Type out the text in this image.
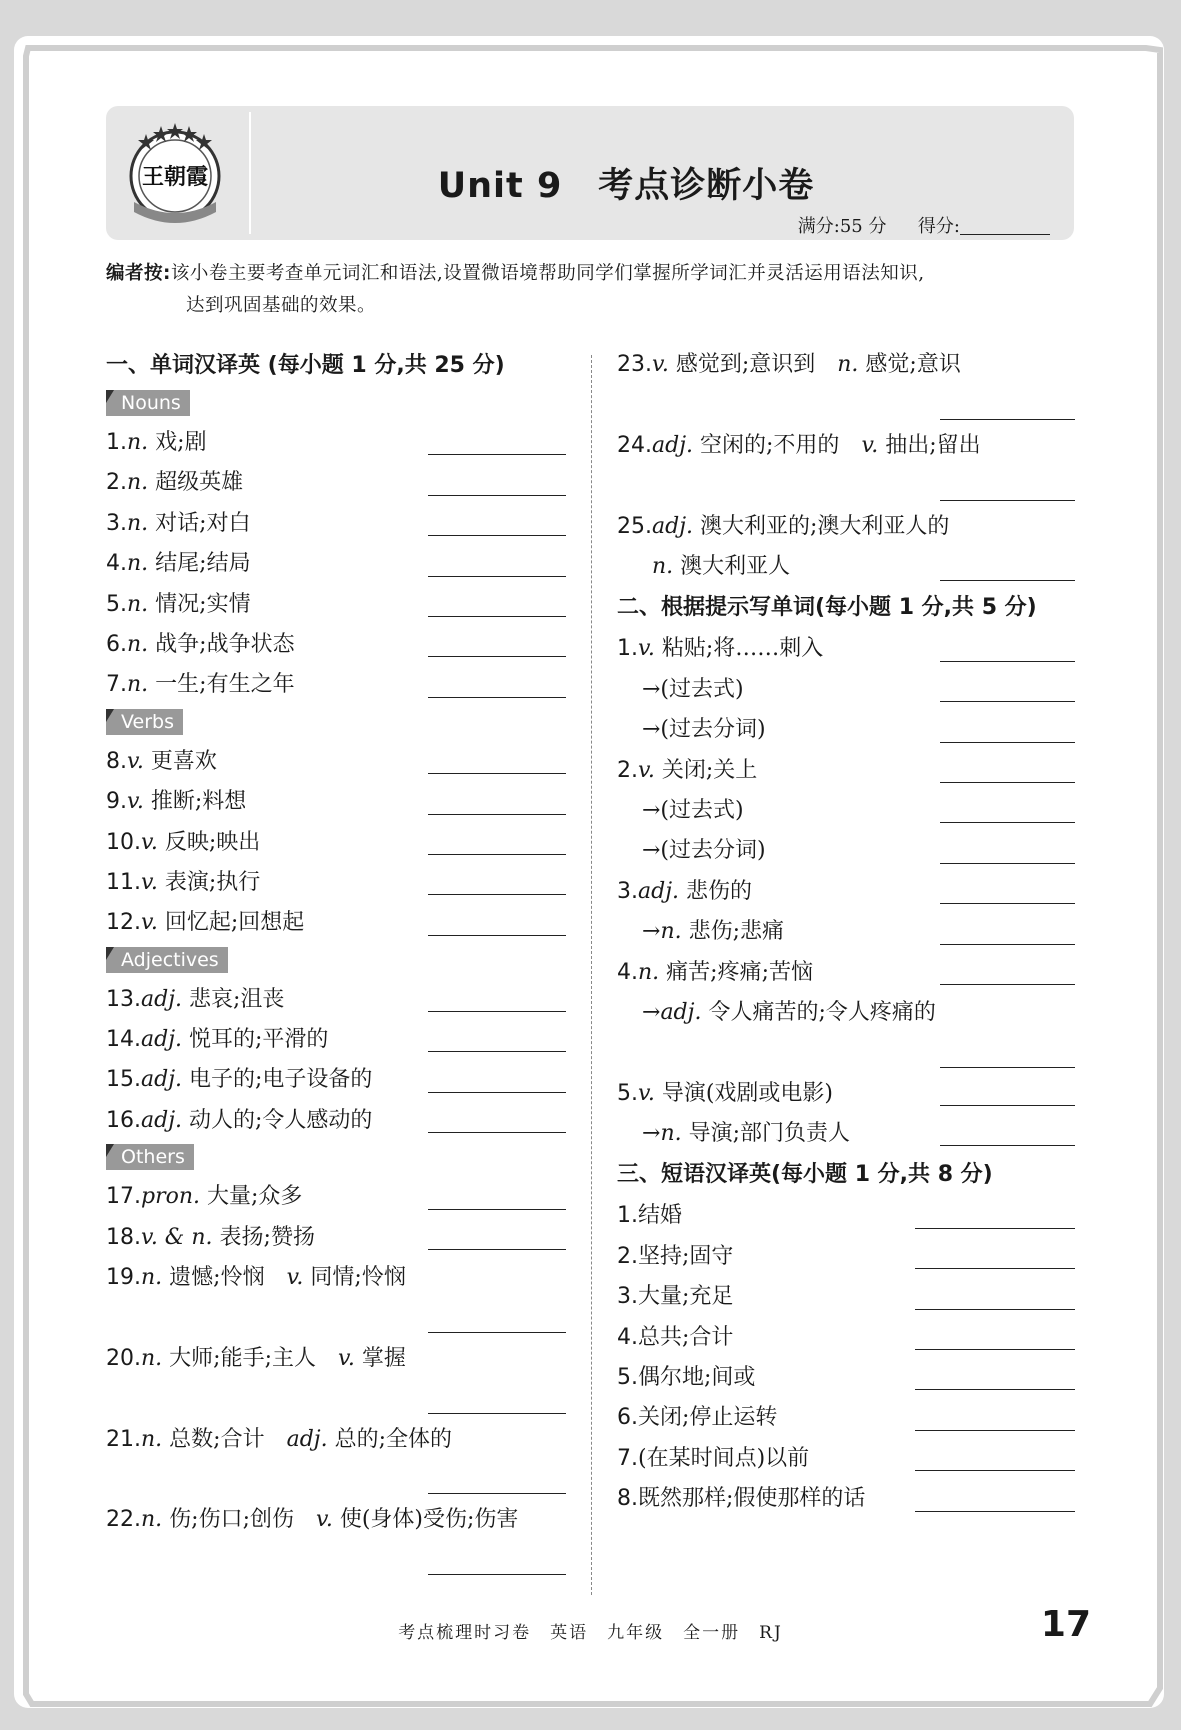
王朝霞	Unit 9　考点诊断小卷
满分:55 分 得分:
编者按:该小卷主要考查单元词汇和语法,设置微语境帮助同学们掌握所学词汇并灵活运用语法知识,
达到巩固基础的效果。
一、单词汉译英 (每小题 1 分,共 25 分)
Nouns
1.n. 戏;剧
2.n. 超级英雄
3.n. 对话;对白
4.n. 结尾;结局
5.n. 情况;实情
6.n. 战争;战争状态
7.n. 一生;有生之年
Verbs
8.v. 更喜欢
9.v. 推断;料想
10.v. 反映;映出
11.v. 表演;执行
12.v. 回忆起;回想起
Adjectives
13.adj. 悲哀;沮丧
14.adj. 悦耳的;平滑的
15.adj. 电子的;电子设备的
16.adj. 动人的;令人感动的
Others
17.pron. 大量;众多
18.v. & n. 表扬;赞扬
19.n. 遗憾;怜悯　v. 同情;怜悯
20.n. 大师;能手;主人　v. 掌握
21.n. 总数;合计　adj. 总的;全体的
22.n. 伤;伤口;创伤　v. 使(身体)受伤;伤害
23.v. 感觉到;意识到　n. 感觉;意识
24.adj. 空闲的;不用的　v. 抽出;留出
25.adj. 澳大利亚的;澳大利亚人的
n. 澳大利亚人
二、根据提示写单词(每小题 1 分,共 5 分)
1.v. 粘贴;将……刺入
→(过去式)
→(过去分词)
2.v. 关闭;关上
→(过去式)
→(过去分词)
3.adj. 悲伤的
→n. 悲伤;悲痛
4.n. 痛苦;疼痛;苦恼
→adj. 令人痛苦的;令人疼痛的
5.v. 导演(戏剧或电影)
→n. 导演;部门负责人
三、短语汉译英(每小题 1 分,共 8 分)
1.结婚
2.坚持;固守
3.大量;充足
4.总共;合计
5.偶尔地;间或
6.关闭;停止运转
7.(在某时间点)以前
8.既然那样;假使那样的话
考点梳理时习卷　英语　九年级　全一册　RJ	17
